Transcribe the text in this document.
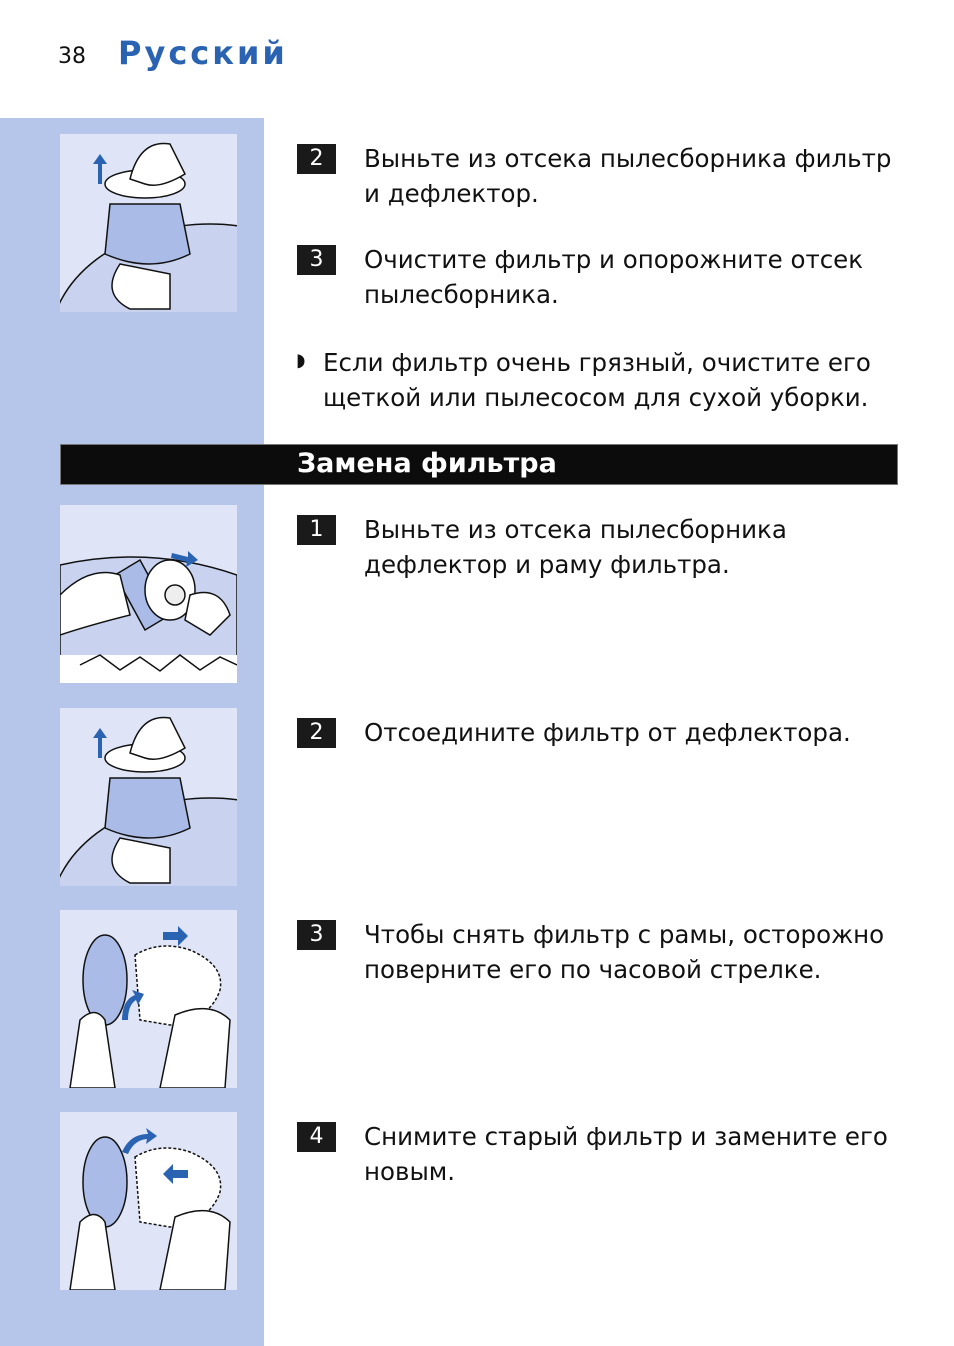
38 Русский
2	Выньте из отсека пылесборника фильтр и дефлектор.
3	Очистите фильтр и опорожните отсек пылесборника.
◗ Если фильтр очень грязный, очистите его щеткой или пылесосом для сухой уборки.
Замена фильтра
1	Выньте из отсека пылесборника дефлектор и раму фильтра.
2	Отсоедините фильтр от дефлектора.
3	Чтобы снять фильтр с рамы, осторожно поверните его по часовой стрелке.
4	Снимите старый фильтр и замените его новым.
